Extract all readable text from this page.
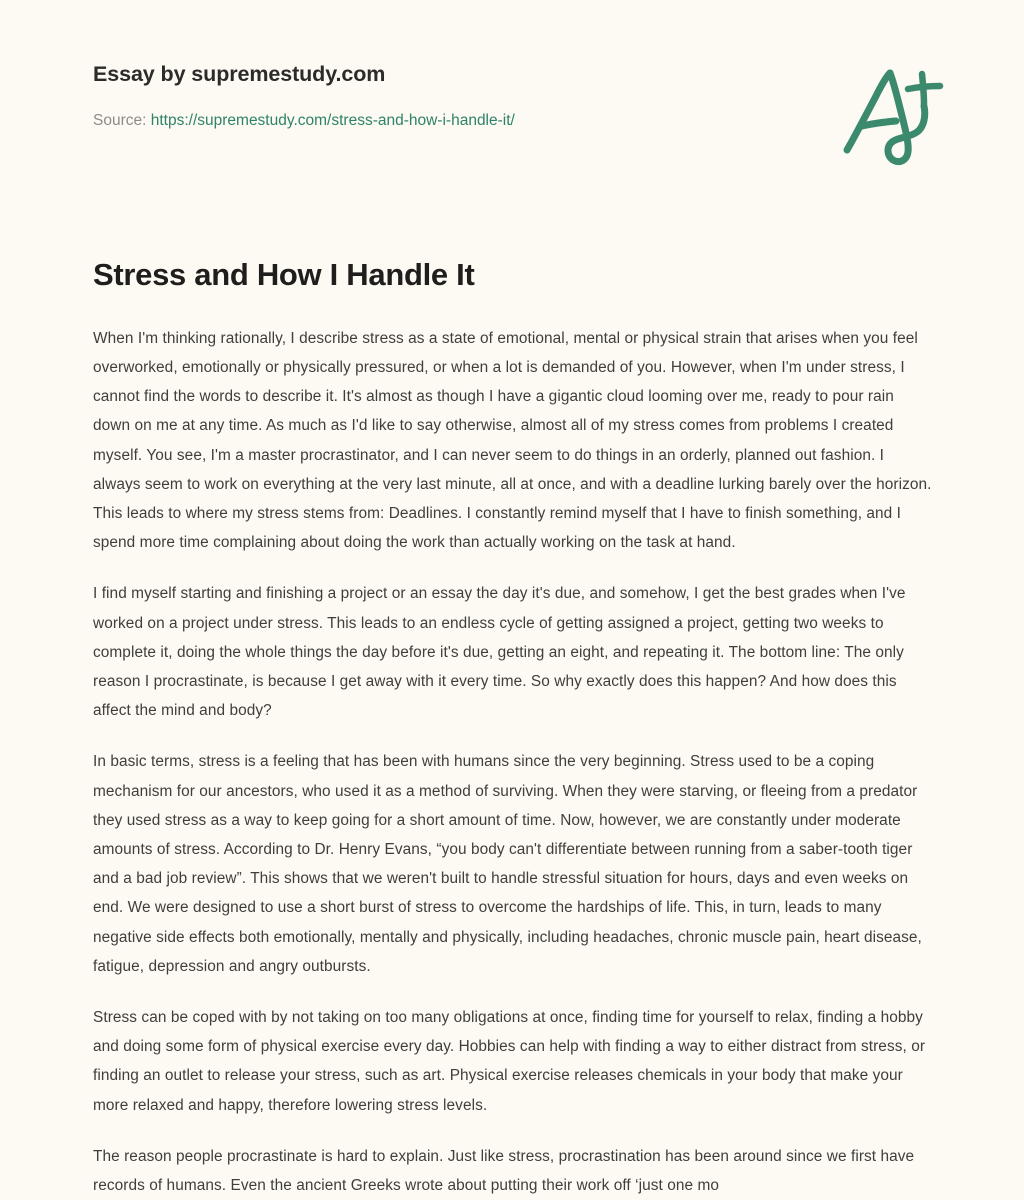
Essay by supremestudy.com
Source: https://supremestudy.com/stress-and-how-i-handle-it/
Stress and How I Handle It

When I'm thinking rationally, I describe stress as a state of emotional, mental or physical strain that arises when you feel overworked, emotionally or physically pressured, or when a lot is demanded of you. However, when I'm under stress, I cannot find the words to describe it. It's almost as though I have a gigantic cloud looming over me, ready to pour rain down on me at any time. As much as I'd like to say otherwise, almost all of my stress comes from problems I created myself. You see, I'm a master procrastinator, and I can never seem to do things in an orderly, planned out fashion. I always seem to work on everything at the very last minute, all at once, and with a deadline lurking barely over the horizon. This leads to where my stress stems from: Deadlines. I constantly remind myself that I have to finish something, and I spend more time complaining about doing the work than actually working on the task at hand.

I find myself starting and finishing a project or an essay the day it's due, and somehow, I get the best grades when I've worked on a project under stress. This leads to an endless cycle of getting assigned a project, getting two weeks to complete it, doing the whole things the day before it's due, getting an eight, and repeating it. The bottom line: The only reason I procrastinate, is because I get away with it every time. So why exactly does this happen? And how does this affect the mind and body?

In basic terms, stress is a feeling that has been with humans since the very beginning. Stress used to be a coping mechanism for our ancestors, who used it as a method of surviving. When they were starving, or fleeing from a predator they used stress as a way to keep going for a short amount of time. Now, however, we are constantly under moderate amounts of stress. According to Dr. Henry Evans, “you body can't differentiate between running from a saber-tooth tiger and a bad job review”. This shows that we weren't built to handle stressful situation for hours, days and even weeks on end. We were designed to use a short burst of stress to overcome the hardships of life. This, in turn, leads to many negative side effects both emotionally, mentally and physically, including headaches, chronic muscle pain, heart disease, fatigue, depression and angry outbursts.

Stress can be coped with by not taking on too many obligations at once, finding time for yourself to relax, finding a hobby and doing some form of physical exercise every day. Hobbies can help with finding a way to either distract from stress, or finding an outlet to release your stress, such as art. Physical exercise releases chemicals in your body that make your more relaxed and happy, therefore lowering stress levels.

The reason people procrastinate is hard to explain. Just like stress, procrastination has been around since we first have records of humans. Even the ancient Greeks wrote about putting their work off ‘just one mo
